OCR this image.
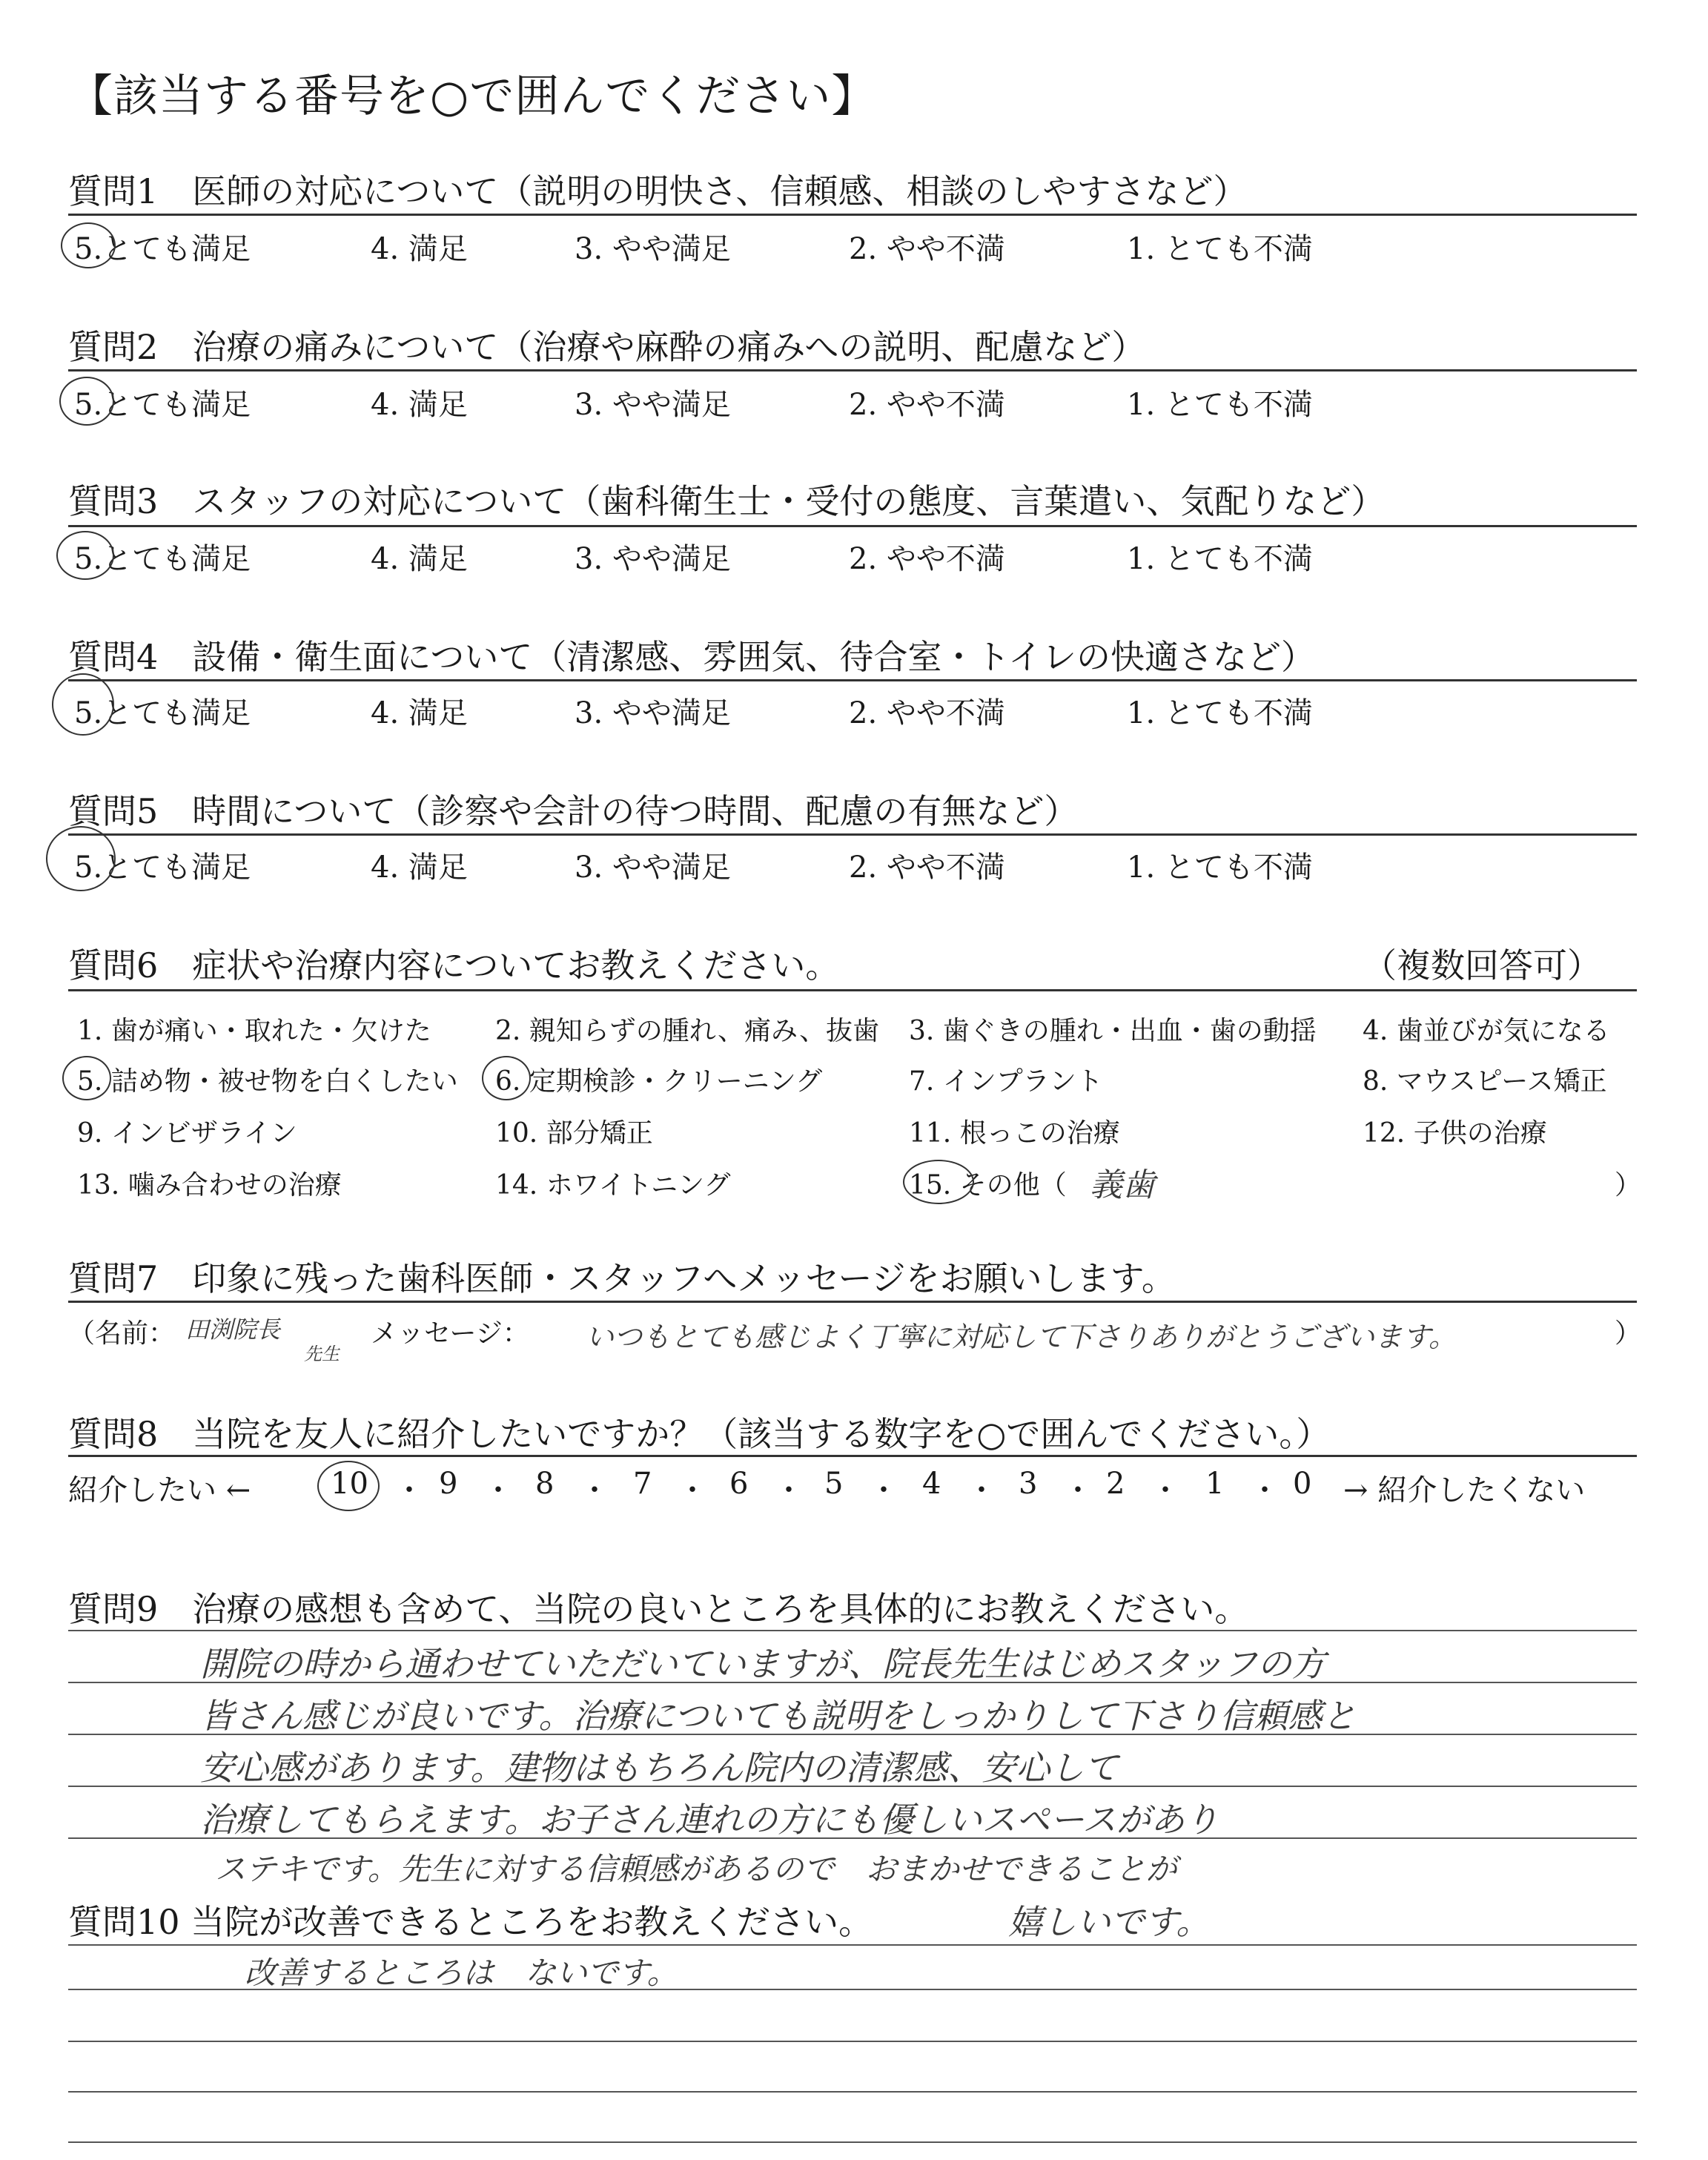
【該当する番号を○で囲んでください】
質問1　医師の対応について（説明の明快さ、信頼感、相談のしやすさなど）
5.とても満足	4. 満足	3. やや満足	2. やや不満	1. とても不満
質問2　治療の痛みについて（治療や麻酔の痛みへの説明、配慮など）
5.とても満足	4. 満足	3. やや満足	2. やや不満	1. とても不満
質問3　スタッフの対応について（歯科衛生士・受付の態度、言葉遣い、気配りなど）
5.とても満足	4. 満足	3. やや満足	2. やや不満	1. とても不満
質問4　設備・衛生面について（清潔感、雰囲気、待合室・トイレの快適さなど）
5.とても満足	4. 満足	3. やや満足	2. やや不満	1. とても不満
質問5　時間について（診察や会計の待つ時間、配慮の有無など）
5.とても満足	4. 満足	3. やや満足	2. やや不満	1. とても不満
質問6　症状や治療内容についてお教えください。	（複数回答可）
1. 歯が痛い・取れた・欠けた 2. 親知らずの腫れ、痛み、抜歯 3. 歯ぐきの腫れ・出血・歯の動揺 4. 歯並びが気になる
5. 詰め物・被せ物を白くしたい 6. 定期検診・クリーニング	7. インプラント	8. マウスピース矯正
9. インビザライン	10. 部分矯正	11. 根っこの治療	12. 子供の治療
13. 噛み合わせの治療	14. ホワイトニング	15. その他（ 義歯	）
質問7　印象に残った歯科医師・スタッフへメッセージをお願いします。
（名前： 田渕院長
先生
メッセージ： いつもとても感じよく丁寧に対応して下さりありがとうございます。	）
質問8　当院を友人に紹介したいですか？（該当する数字を○で囲んでください。）
紹介したい ←	10 ・ 9 ・ 8 ・ 7 ・ 6 ・ 5 ・ 4 ・ 3 ・ 2 ・ 1 ・ 0 → 紹介したくない
質問9　治療の感想も含めて、当院の良いところを具体的にお教えください。
開院の時から通わせていただいていますが、院長先生はじめスタッフの方
皆さん感じが良いです。治療についても説明をしっかりして下さり信頼感と
安心感があります。建物はもちろん院内の清潔感、安心して
治療してもらえます。お子さん連れの方にも優しいスペースがあり
ステキです。先生に対する信頼感があるので　おまかせできることが
嬉しいです。
質問10 当院が改善できるところをお教えください。
改善するところは　ないです。
